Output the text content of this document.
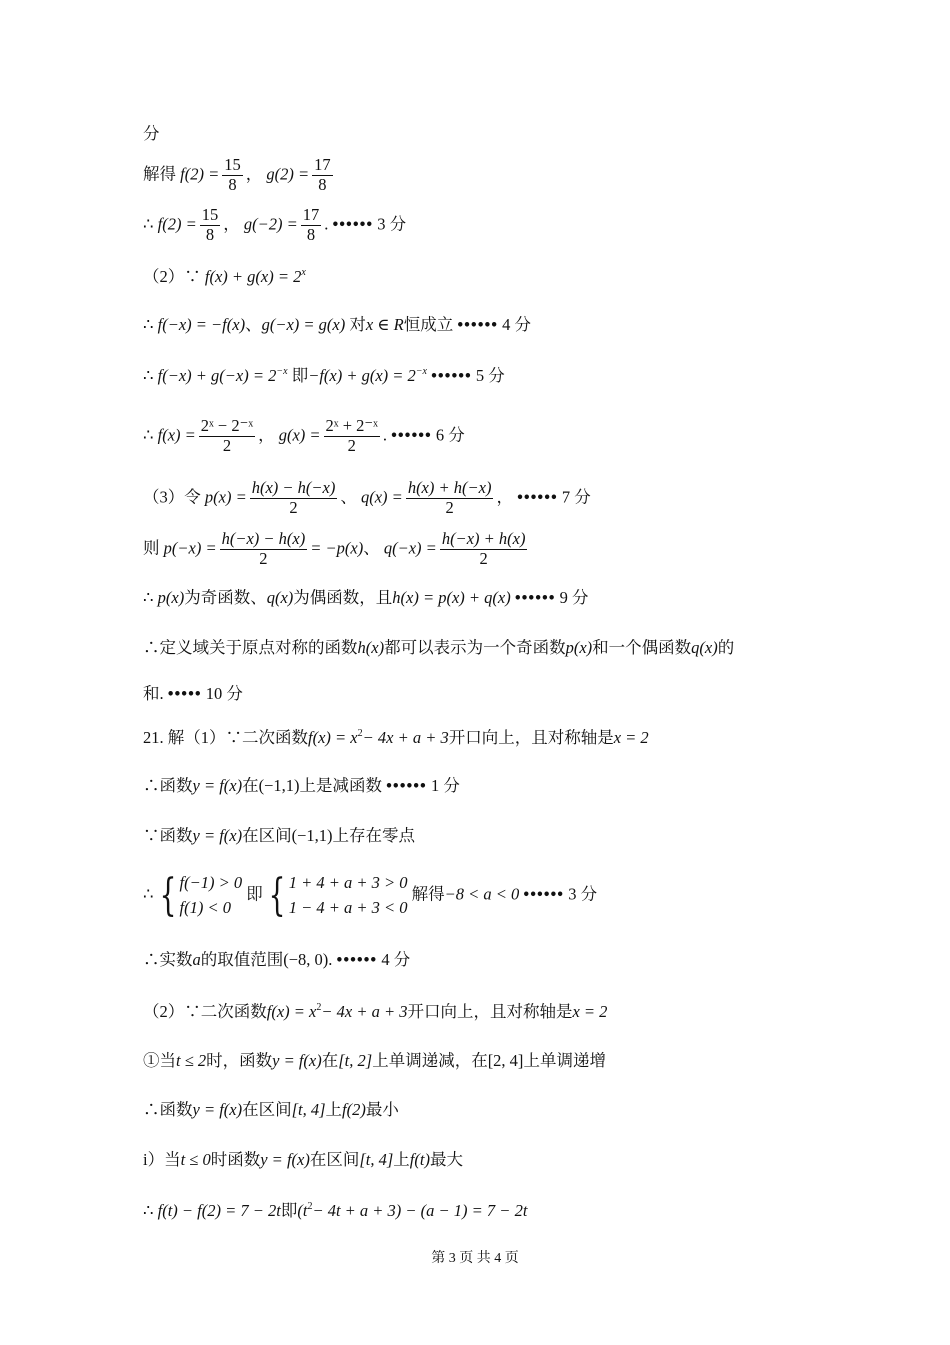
分
解得 $f(2) = \frac{15}{8}$ ， $g(2) = \frac{17}{8}$
∴ $f(2) = \frac{15}{8}$ ， $g(-2) = \frac{17}{8}$ . •••••• 3 分
（2）∵ $f(x) + g(x) = 2^x$
∴ f(−x) = −f(x)、g(−x) = g(x) 对x ∈ R恒成立 •••••• 4 分
∴ $f(-x) + g(-x) = 2^{-x}$ 即$-f(x) + g(x) = 2^{-x}$ •••••• 5 分
∴ $f(x) = \frac{\text{2ˣ − 2⁻ˣ}}{2}$ ， $g(x) = \frac{\text{2ˣ + 2⁻ˣ}}{2}$ . •••••• 6 分
（3）令 $p(x) = \frac{h(x) - h(-x)}{2}$ 、 $q(x) = \frac{h(x) + h(-x)}{2}$ ， •••••• 7 分
则 $p(-x) = \frac{h(-x) - h(x)}{2} = -p(x)$、 $q(-x) = \frac{h(-x) + h(x)}{2}$
∴ p(x)为奇函数、q(x)为偶函数，且h(x) = p(x) + q(x) •••••• 9 分
∴定义域关于原点对称的函数h(x)都可以表示为一个奇函数p(x)和一个偶函数q(x)的
和. ••••• 10 分
21. 解（1）∵二次函数$f(x) = x^2- 4x + a + 3$开口向上，且对称轴是x = 2
∴函数y = f(x)在(−1,1)上是减函数 •••••• 1 分
∵函数y = f(x)在区间(−1,1)上存在零点
∴ { f(−1) > 0
f(1) < 0
即 { 1 + 4 + a + 3 > 0
1 − 4 + a + 3 < 0
解得−8 < a < 0 •••••• 3 分
∴实数a的取值范围(−8, 0). •••••• 4 分
（2）∵二次函数$f(x) = x^2- 4x + a + 3$开口向上，且对称轴是x = 2
①当t ≤ 2时，函数y = f(x)在[t, 2]上单调递减，在[2, 4]上单调递增
∴函数y = f(x)在区间[t, 4]上f(2)最小
i）当t ≤ 0时函数y = f(x)在区间[t, 4]上f(t)最大
∴ f(t) − f(2) = 7 − 2t即$(t^2- 4t + a + 3) - (a - 1) = 7 - 2t$
第 3 页 共 4 页
